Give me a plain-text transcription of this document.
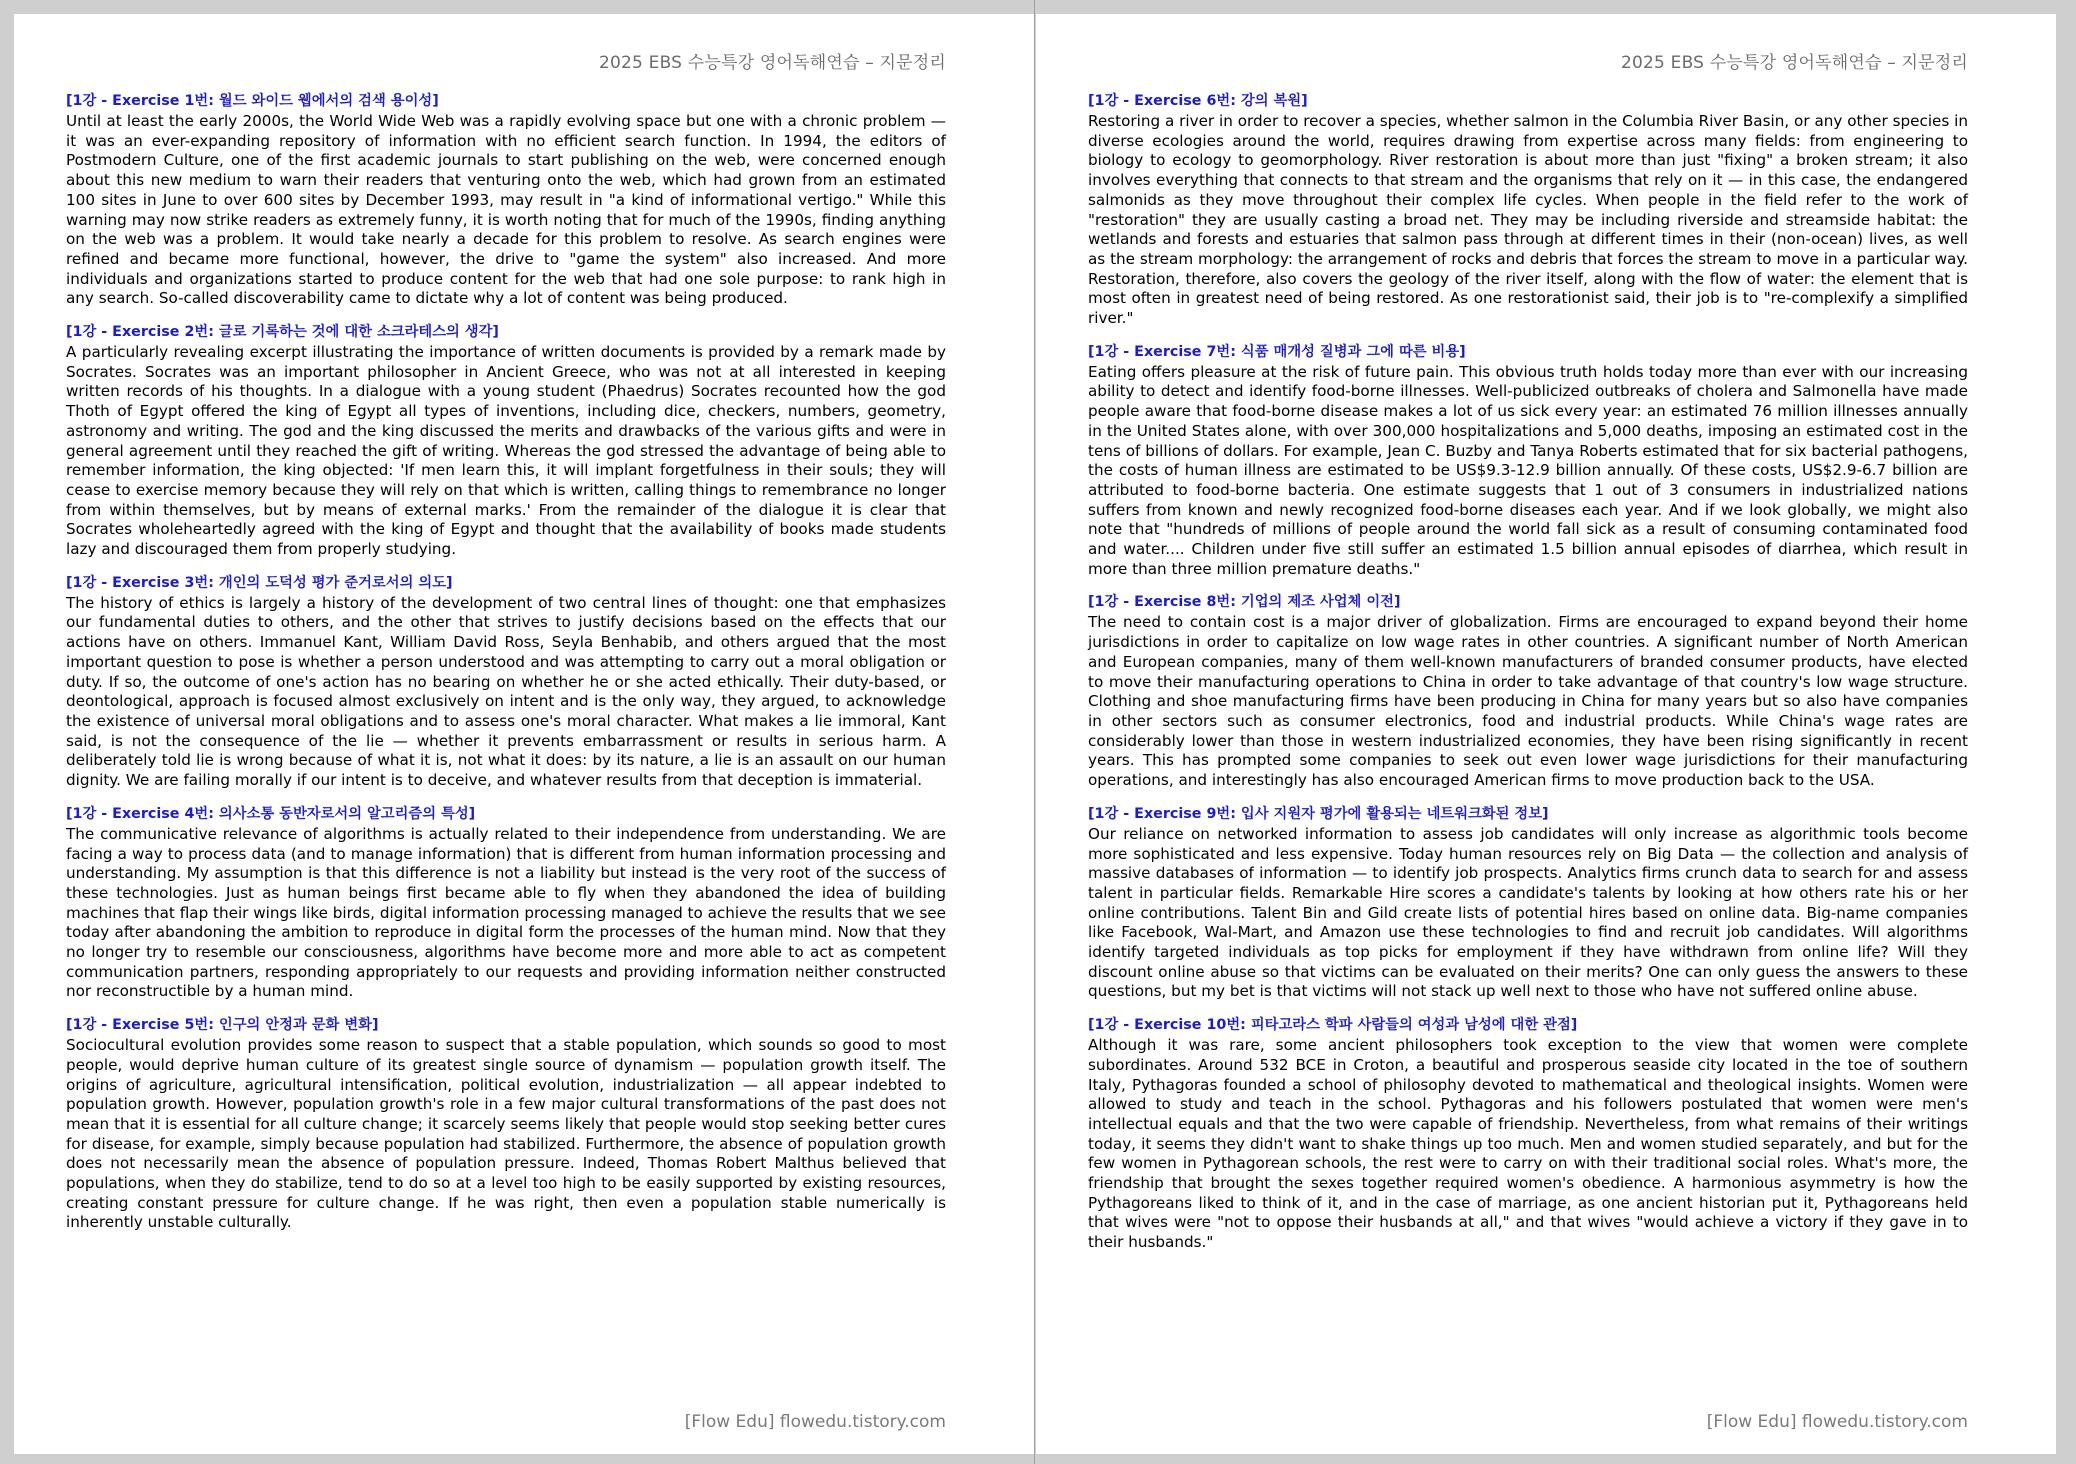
2025 EBS 수능특강 영어독해연습 – 지문정리
[1강 - Exercise 1번: 월드 와이드 웹에서의 검색 용이성]

Until at least the early 2000s, the World Wide Web was a rapidly evolving space but one with a chronic problem — it was an ever-expanding repository of information with no efficient search function. In 1994, the editors of Postmodern Culture, one of the first academic journals to start publishing on the web, were concerned enough about this new medium to warn their readers that venturing onto the web, which had grown from an estimated 100 sites in June to over 600 sites by December 1993, may result in "a kind of informational vertigo." While this warning may now strike readers as extremely funny, it is worth noting that for much of the 1990s, finding anything on the web was a problem. It would take nearly a decade for this problem to resolve. As search engines were refined and became more functional, however, the drive to "game the system" also increased. And more individuals and organizations started to produce content for the web that had one sole purpose: to rank high in any search. So-called discoverability came to dictate why a lot of content was being produced.

[1강 - Exercise 2번: 글로 기록하는 것에 대한 소크라테스의 생각]

A particularly revealing excerpt illustrating the importance of written documents is provided by a remark made by Socrates. Socrates was an important philosopher in Ancient Greece, who was not at all interested in keeping written records of his thoughts. In a dialogue with a young student (Phaedrus) Socrates recounted how the god Thoth of Egypt offered the king of Egypt all types of inventions, including dice, checkers, numbers, geometry, astronomy and writing. The god and the king discussed the merits and drawbacks of the various gifts and were in general agreement until they reached the gift of writing. Whereas the god stressed the advantage of being able to remember information, the king objected: 'If men learn this, it will implant forgetfulness in their souls; they will cease to exercise memory because they will rely on that which is written, calling things to remembrance no longer from within themselves, but by means of external marks.' From the remainder of the dialogue it is clear that Socrates wholeheartedly agreed with the king of Egypt and thought that the availability of books made students lazy and discouraged them from properly studying.

[1강 - Exercise 3번: 개인의 도덕성 평가 준거로서의 의도]

The history of ethics is largely a history of the development of two central lines of thought: one that emphasizes our fundamental duties to others, and the other that strives to justify decisions based on the effects that our actions have on others. Immanuel Kant, William David Ross, Seyla Benhabib, and others argued that the most important question to pose is whether a person understood and was attempting to carry out a moral obligation or duty. If so, the outcome of one's action has no bearing on whether he or she acted ethically. Their duty-based, or deontological, approach is focused almost exclusively on intent and is the only way, they argued, to acknowledge the existence of universal moral obligations and to assess one's moral character. What makes a lie immoral, Kant said, is not the consequence of the lie — whether it prevents embarrassment or results in serious harm. A deliberately told lie is wrong because of what it is, not what it does: by its nature, a lie is an assault on our human dignity. We are failing morally if our intent is to deceive, and whatever results from that deception is immaterial.

[1강 - Exercise 4번: 의사소통 동반자로서의 알고리즘의 특성]

The communicative relevance of algorithms is actually related to their independence from understanding. We are facing a way to process data (and to manage information) that is different from human information processing and understanding. My assumption is that this difference is not a liability but instead is the very root of the success of these technologies. Just as human beings first became able to fly when they abandoned the idea of building machines that flap their wings like birds, digital information processing managed to achieve the results that we see today after abandoning the ambition to reproduce in digital form the processes of the human mind. Now that they no longer try to resemble our consciousness, algorithms have become more and more able to act as competent communication partners, responding appropriately to our requests and providing information neither constructed nor reconstructible by a human mind.

[1강 - Exercise 5번: 인구의 안정과 문화 변화]

Sociocultural evolution provides some reason to suspect that a stable population, which sounds so good to most people, would deprive human culture of its greatest single source of dynamism — population growth itself. The origins of agriculture, agricultural intensification, political evolution, industrialization — all appear indebted to population growth. However, population growth's role in a few major cultural transformations of the past does not mean that it is essential for all culture change; it scarcely seems likely that people would stop seeking better cures for disease, for example, simply because population had stabilized. Furthermore, the absence of population growth does not necessarily mean the absence of population pressure. Indeed, Thomas Robert Malthus believed that populations, when they do stabilize, tend to do so at a level too high to be easily supported by existing resources, creating constant pressure for culture change. If he was right, then even a population stable numerically is inherently unstable culturally.

[Flow Edu] flowedu.tistory.com
2025 EBS 수능특강 영어독해연습 – 지문정리
[1강 - Exercise 6번: 강의 복원]

Restoring a river in order to recover a species, whether salmon in the Columbia River Basin, or any other species in diverse ecologies around the world, requires drawing from expertise across many fields: from engineering to biology to ecology to geomorphology. River restoration is about more than just "fixing" a broken stream; it also involves everything that connects to that stream and the organisms that rely on it — in this case, the endangered salmonids as they move throughout their complex life cycles. When people in the field refer to the work of "restoration" they are usually casting a broad net. They may be including riverside and streamside habitat: the wetlands and forests and estuaries that salmon pass through at different times in their (non-ocean) lives, as well as the stream morphology: the arrangement of rocks and debris that forces the stream to move in a particular way. Restoration, therefore, also covers the geology of the river itself, along with the flow of water: the element that is most often in greatest need of being restored. As one restorationist said, their job is to "re-complexify a simplified river."

[1강 - Exercise 7번: 식품 매개성 질병과 그에 따른 비용]

Eating offers pleasure at the risk of future pain. This obvious truth holds today more than ever with our increasing ability to detect and identify food-borne illnesses. Well-publicized outbreaks of cholera and Salmonella have made people aware that food-borne disease makes a lot of us sick every year: an estimated 76 million illnesses annually in the United States alone, with over 300,000 hospitalizations and 5,000 deaths, imposing an estimated cost in the tens of billions of dollars. For example, Jean C. Buzby and Tanya Roberts estimated that for six bacterial pathogens, the costs of human illness are estimated to be US$9.3-12.9 billion annually. Of these costs, US$2.9-6.7 billion are attributed to food-borne bacteria. One estimate suggests that 1 out of 3 consumers in industrialized nations suffers from known and newly recognized food-borne diseases each year. And if we look globally, we might also note that "hundreds of millions of people around the world fall sick as a result of consuming contaminated food and water.... Children under five still suffer an estimated 1.5 billion annual episodes of diarrhea, which result in more than three million premature deaths."

[1강 - Exercise 8번: 기업의 제조 사업체 이전]

The need to contain cost is a major driver of globalization. Firms are encouraged to expand beyond their home jurisdictions in order to capitalize on low wage rates in other countries. A significant number of North American and European companies, many of them well-known manufacturers of branded consumer products, have elected to move their manufacturing operations to China in order to take advantage of that country's low wage structure. Clothing and shoe manufacturing firms have been producing in China for many years but so also have companies in other sectors such as consumer electronics, food and industrial products. While China's wage rates are considerably lower than those in western industrialized economies, they have been rising significantly in recent years. This has prompted some companies to seek out even lower wage jurisdictions for their manufacturing operations, and interestingly has also encouraged American firms to move production back to the USA.

[1강 - Exercise 9번: 입사 지원자 평가에 활용되는 네트워크화된 정보]

Our reliance on networked information to assess job candidates will only increase as algorithmic tools become more sophisticated and less expensive. Today human resources rely on Big Data — the collection and analysis of massive databases of information — to identify job prospects. Analytics firms crunch data to search for and assess talent in particular fields. Remarkable Hire scores a candidate's talents by looking at how others rate his or her online contributions. Talent Bin and Gild create lists of potential hires based on online data. Big-name companies like Facebook, Wal-Mart, and Amazon use these technologies to find and recruit job candidates. Will algorithms identify targeted individuals as top picks for employment if they have withdrawn from online life? Will they discount online abuse so that victims can be evaluated on their merits? One can only guess the answers to these questions, but my bet is that victims will not stack up well next to those who have not suffered online abuse.

[1강 - Exercise 10번: 피타고라스 학파 사람들의 여성과 남성에 대한 관점]

Although it was rare, some ancient philosophers took exception to the view that women were complete subordinates. Around 532 BCE in Croton, a beautiful and prosperous seaside city located in the toe of southern Italy, Pythagoras founded a school of philosophy devoted to mathematical and theological insights. Women were allowed to study and teach in the school. Pythagoras and his followers postulated that women were men's intellectual equals and that the two were capable of friendship. Nevertheless, from what remains of their writings today, it seems they didn't want to shake things up too much. Men and women studied separately, and but for the few women in Pythagorean schools, the rest were to carry on with their traditional social roles. What's more, the friendship that brought the sexes together required women's obedience. A harmonious asymmetry is how the Pythagoreans liked to think of it, and in the case of marriage, as one ancient historian put it, Pythagoreans held that wives were "not to oppose their husbands at all," and that wives "would achieve a victory if they gave in to their husbands."

[Flow Edu] flowedu.tistory.com
